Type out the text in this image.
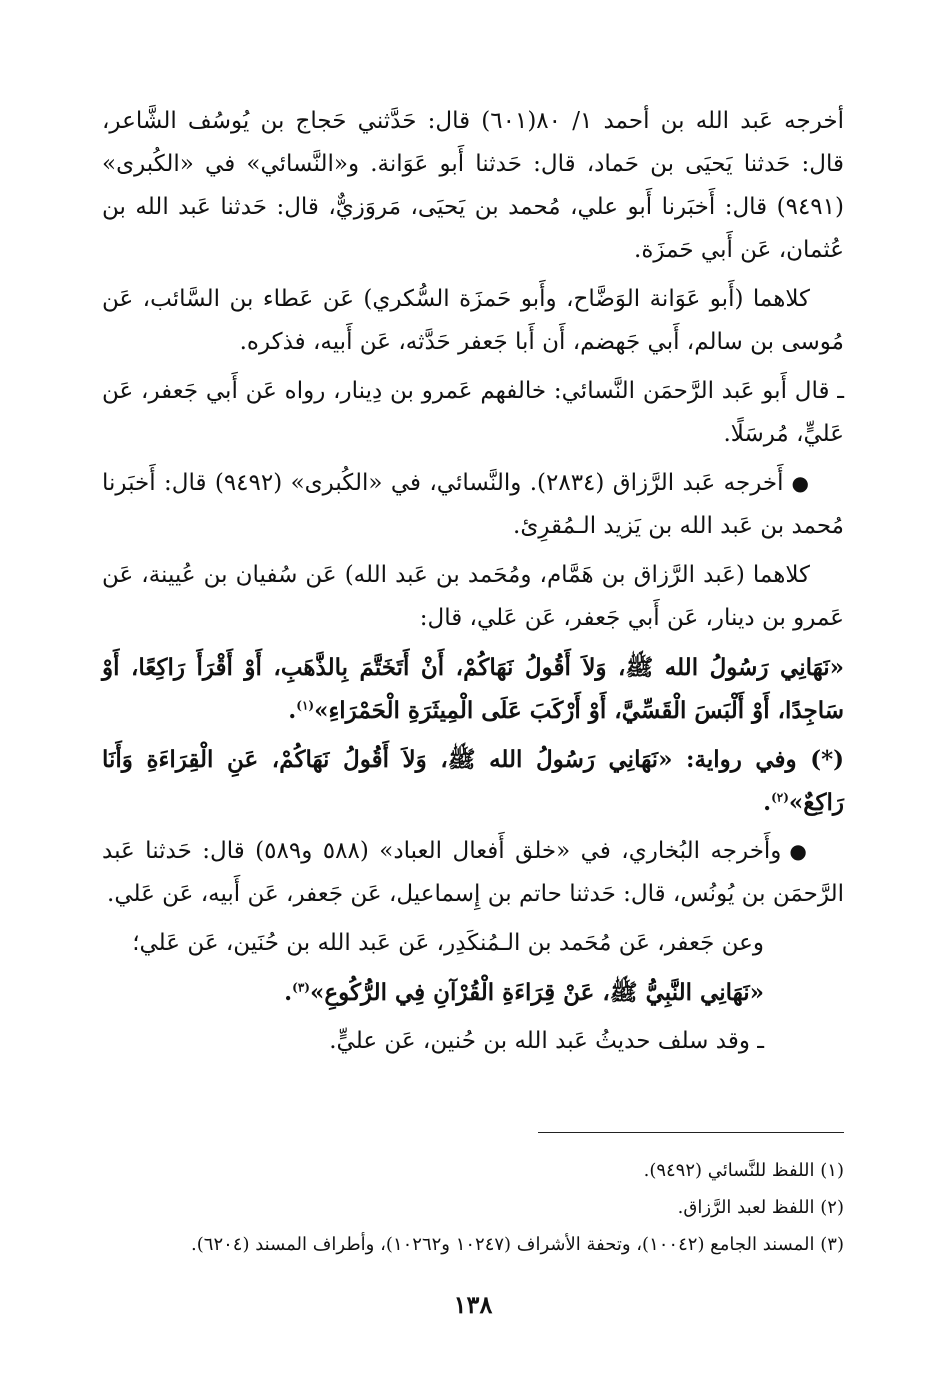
أخرجه عَبد الله بن أحمد ١/ ٨٠(٦٠١) قال: حَدَّثني حَجاج بن يُوسُف الشَّاعر، قال: حَدثنا يَحيَى بن حَماد، قال: حَدثنا أَبو عَوَانة. و«النَّسائي» في «الكُبرى» (٩٤٩١) قال: أَخبَرنا أَبو علي، مُحمد بن يَحيَى، مَروَزيٌّ، قال: حَدثنا عَبد الله بن عُثمان، عَن أَبي حَمزَة.

كلاهما (أَبو عَوَانة الوَضَّاح، وأَبو حَمزَة السُّكري) عَن عَطاء بن السَّائب، عَن مُوسى بن سالم، أَبي جَهضم، أَن أَبا جَعفر حَدَّثه، عَن أَبيه، فذكره.

ـ قال أَبو عَبد الرَّحمَن النَّسائي: خالفهم عَمرو بن دِينار، رواه عَن أَبي جَعفر، عَن عَليٍّ، مُرسَلًا.

●أَخرجه عَبد الرَّزاق (٢٨٣٤). والنَّسائي، في «الكُبرى» (٩٤٩٢) قال: أَخبَرنا مُحمد بن عَبد الله بن يَزيد الـمُقرِئ.

كلاهما (عَبد الرَّزاق بن هَمَّام، ومُحَمد بن عَبد الله) عَن سُفيان بن عُيينة، عَن عَمرو بن دينار، عَن أَبي جَعفر، عَن عَلي، قال:

«نَهَانِي رَسُولُ الله ﷺ، وَلاَ أَقُولُ نَهَاكُمْ، أَنْ أَتَخَتَّمَ بِالذَّهَبِ، أَوْ أَقْرَأَ رَاكِعًا، أَوْ سَاجِدًا، أَوْ أَلْبَسَ الْقَسِّيَّ، أَوْ أَرْكَبَ عَلَى الْمِيثَرَةِ الْحَمْرَاءِ»$^{(١)}$.

(*) وفي رواية: «نَهَانِي رَسُولُ الله ﷺ، وَلاَ أَقُولُ نَهَاكُمْ، عَنِ الْقِرَاءَةِ وَأَنَا رَاكِعٌ»$^{(٢)}$.

●وأَخرجه البُخاري، في «خلق أَفعال العباد» (٥٨٨ و٥٨٩) قال: حَدثنا عَبد الرَّحمَن بن يُونُس، قال: حَدثنا حاتم بن إِسماعيل، عَن جَعفر، عَن أَبيه، عَن عَلي.

وعن جَعفر، عَن مُحَمد بن الـمُنكَدِر، عَن عَبد الله بن حُنَين، عَن عَلي؛

«نَهَانِي النَّبِيُّ ﷺ، عَنْ قِرَاءَةِ الْقُرْآنِ فِي الرُّكُوعِ»$^{(٣)}$.

ـ وقد سلف حديثُ عَبد الله بن حُنين، عَن عليٍّ.

(١) اللفظ للنَّسائي (٩٤٩٢).

(٢) اللفظ لعبد الرَّزاق.

(٣) المسند الجامع (١٠٠٤٢)، وتحفة الأشراف (١٠٢٤٧ و١٠٢٦٢)، وأطراف المسند (٦٢٠٤).

١٣٨
